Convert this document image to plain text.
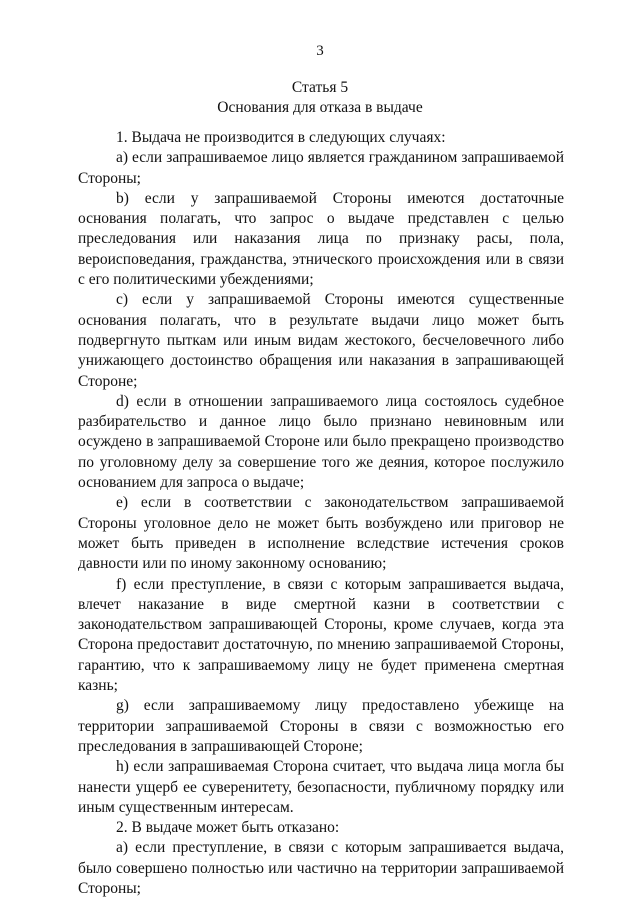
3
Статья 5
Основания для отказа в выдаче

1. Выдача не производится в следующих случаях:

a) если запрашиваемое лицо является гражданином запрашиваемой Стороны;

b) если у запрашиваемой Стороны имеются достаточные основания полагать, что запрос о выдаче представлен с целью преследования или наказания лица по признаку расы, пола, вероисповедания, гражданства, этнического происхождения или в связи с его политическими убеждениями;

c) если у запрашиваемой Стороны имеются существенные основания полагать, что в результате выдачи лицо может быть подвергнуто пыткам или иным видам жестокого, бесчеловечного либо унижающего достоинство обращения или наказания в запрашивающей Стороне;

d) если в отношении запрашиваемого лица состоялось судебное разбирательство и данное лицо было признано невиновным или осуждено в запрашиваемой Стороне или было прекращено производство по уголовному делу за совершение того же деяния, которое послужило основанием для запроса о выдаче;

e) если в соответствии с законодательством запрашиваемой Стороны уголовное дело не может быть возбуждено или приговор не может быть приведен в исполнение вследствие истечения сроков давности или по иному законному основанию;

f) если преступление, в связи с которым запрашивается выдача, влечет наказание в виде смертной казни в соответствии с законодательством запрашивающей Стороны, кроме случаев, когда эта Сторона предоставит достаточную, по мнению запрашиваемой Стороны, гарантию, что к запрашиваемому лицу не будет применена смертная казнь;

g) если запрашиваемому лицу предоставлено убежище на территории запрашиваемой Стороны в связи с возможностью его преследования в запрашивающей Стороне;

h) если запрашиваемая Сторона считает, что выдача лица могла бы нанести ущерб ее суверенитету, безопасности, публичному порядку или иным существенным интересам.

2. В выдаче может быть отказано:

a) если преступление, в связи с которым запрашивается выдача, было совершено полностью или частично на территории запрашиваемой Стороны;
